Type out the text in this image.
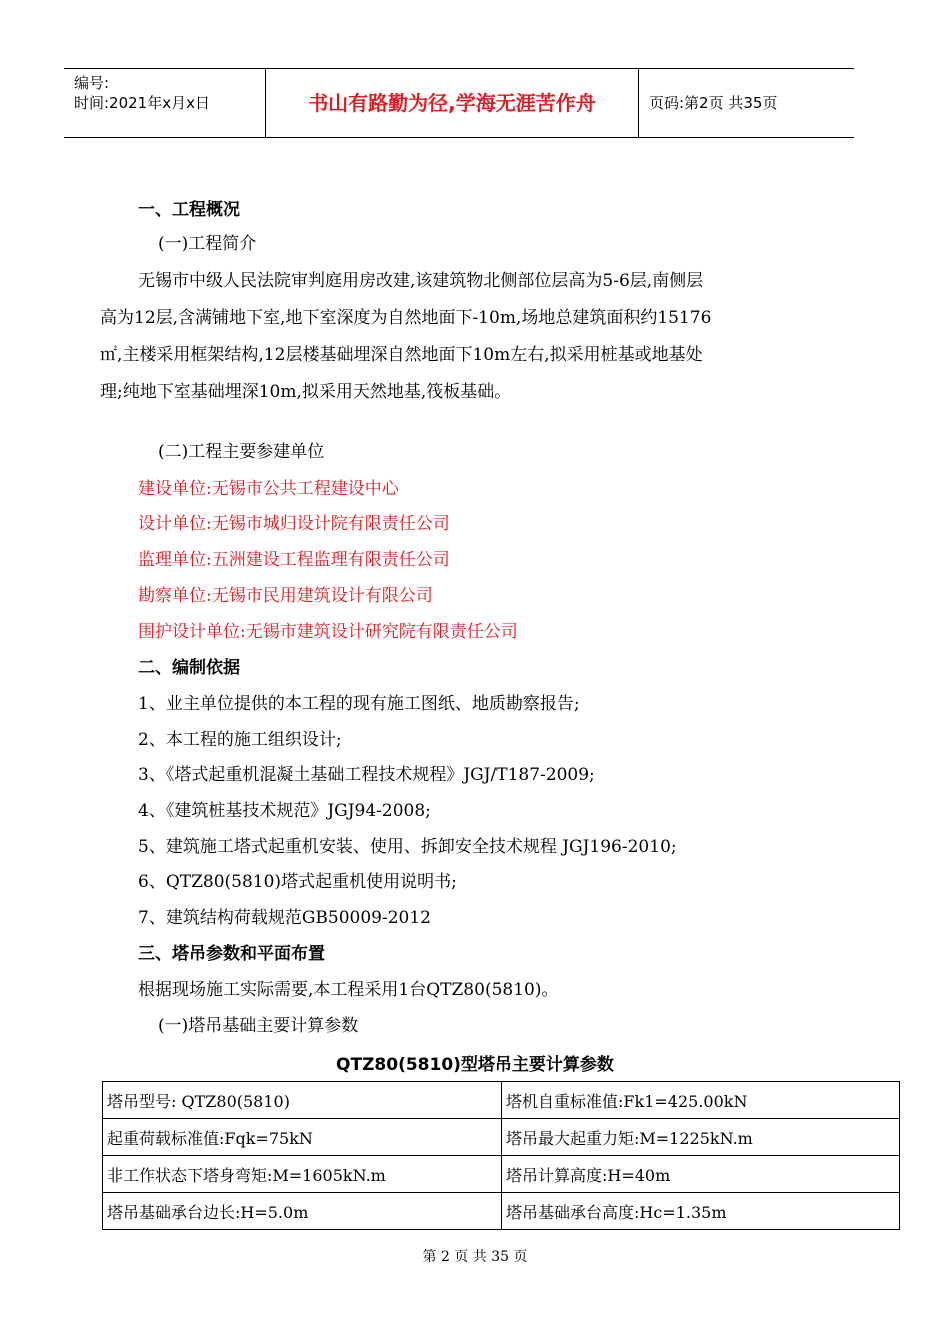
编号:
时间:2021年x月x日	书山有路勤为径,学海无涯苦作舟	页码:第2页 共35页
一、工程概况
(一)工程简介
无锡市中级人民法院审判庭用房改建,该建筑物北侧部位层高为5-6层,南侧层
高为12层,含满铺地下室,地下室深度为自然地面下-10m,场地总建筑面积约15176
㎡,主楼采用框架结构,12层楼基础埋深自然地面下10m左右,拟采用桩基或地基处
理;纯地下室基础埋深10m,拟采用天然地基,筏板基础。
(二)工程主要参建单位
建设单位:无锡市公共工程建设中心
设计单位:无锡市城归设计院有限责任公司
监理单位:五洲建设工程监理有限责任公司
勘察单位:无锡市民用建筑设计有限公司
围护设计单位:无锡市建筑设计研究院有限责任公司
二、编制依据
1、业主单位提供的本工程的现有施工图纸、地质勘察报告;
2、本工程的施工组织设计;
3、《塔式起重机混凝土基础工程技术规程》JGJ/T187-2009;
4、《建筑桩基技术规范》JGJ94-2008;
5、建筑施工塔式起重机安装、使用、拆卸安全技术规程 JGJ196-2010;
6、QTZ80(5810)塔式起重机使用说明书;
7、建筑结构荷载规范GB50009-2012
三、塔吊参数和平面布置
根据现场施工实际需要,本工程采用1台QTZ80(5810)。
(一)塔吊基础主要计算参数
QTZ80(5810)型塔吊主要计算参数
塔吊型号: QTZ80(5810)	塔机自重标准值:Fk1=425.00kN
起重荷载标准值:Fqk=75kN	塔吊最大起重力矩:M=1225kN.m
非工作状态下塔身弯矩:M=1605kN.m	塔吊计算高度:H=40m
塔吊基础承台边长:H=5.0m	塔吊基础承台高度:Hc=1.35m
第 2 页 共 35 页
